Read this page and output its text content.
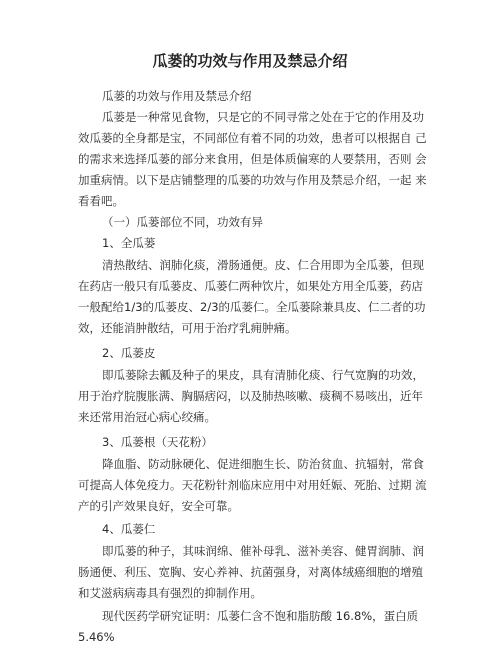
瓜蒌的功效与作用及禁忌介绍

瓜蒌的功效与作用及禁忌介绍

瓜蒌是一种常见食物，只是它的不同寻常之处在于它的作用及功 效瓜蒌的全身都是宝，不同部位有着不同的功效，患者可以根据自 己的需求来选择瓜蒌的部分来食用，但是体质偏寒的人要禁用，否则 会加重病情。以下是店铺整理的瓜蒌的功效与作用及禁忌介绍，一起 来看看吧。

（一）瓜蒌部位不同，功效有异

1、全瓜蒌

清热散结、润肺化痰，滑肠通便。皮、仁合用即为全瓜蒌，但现 在药店一般只有瓜蒌皮、瓜蒌仁两种饮片，如果处方用全瓜蒌，药店 一般配给1/3的瓜蒌皮、2/3的瓜蒌仁。全瓜蒌除兼具皮、仁二者的功 效，还能消肿散结，可用于治疗乳痈肿痛。

2、瓜蒌皮

即瓜蒌除去瓤及种子的果皮，具有清肺化痰、行气宽胸的功效， 用于治疗脘腹胀满、胸膈痞闷，以及肺热咳嗽、痰稠不易咳出，近年 来还常用治冠心病心绞痛。

3、瓜蒌根（天花粉）

降血脂、防动脉硬化、促进细胞生长、防治贫血、抗辐射，常食 可提高人体免疫力。天花粉针剂临床应用中对用妊娠、死胎、过期 流产的引产效果良好，安全可靠。

4、瓜蒌仁

即瓜蒌的种子，其味润绵、催补母乳、滋补美容、健胃润肺、润 肠通便、利压、宽胸、安心养神、抗菌强身，对离体绒癌细胞的增殖 和艾滋病病毒具有强烈的抑制作用。

现代医药学研究证明：瓜蒌仁含不饱和脂肪酸 16.8%，蛋白质 5.46%
